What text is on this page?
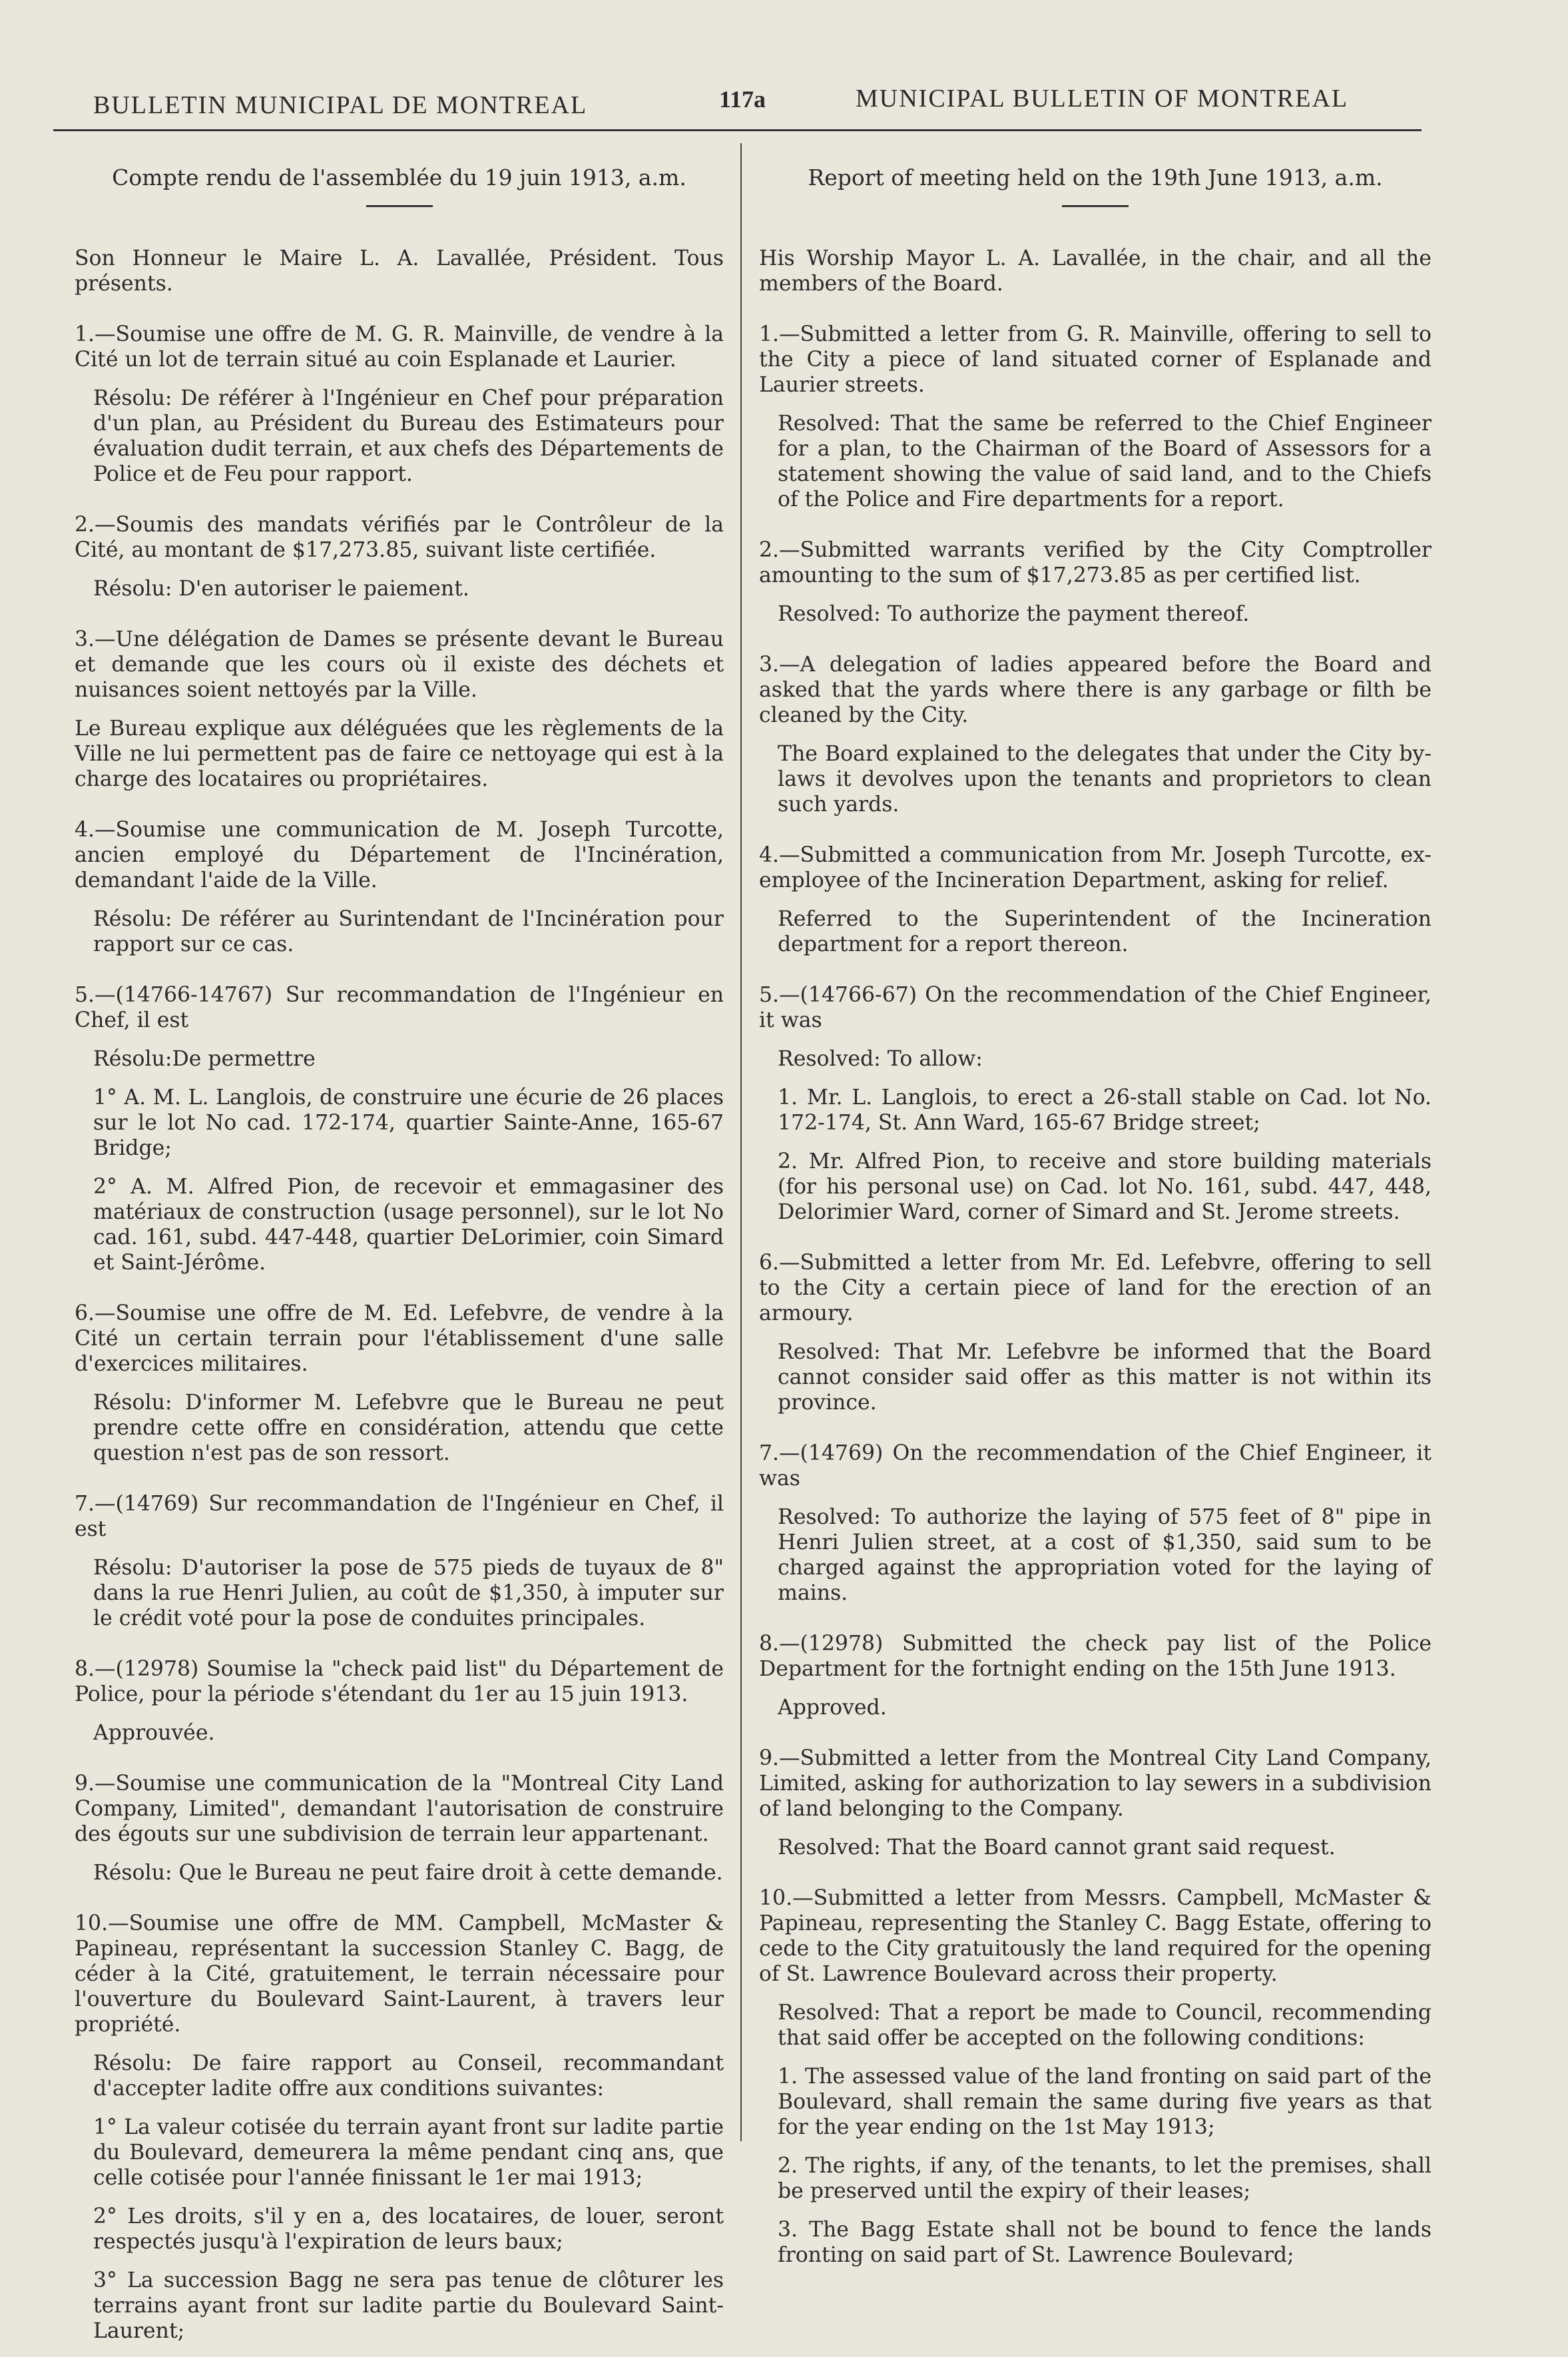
BULLETIN MUNICIPAL DE MONTREAL	117a	MUNICIPAL BULLETIN OF MONTREAL
Compte rendu de l'assemblée du 19 juin 1913, a.m.

Son Honneur le Maire L. A. Lavallée, Président. Tous présents.

1.—Soumise une offre de M. G. R. Mainville, de vendre à la Cité un lot de terrain situé au coin Esplanade et Laurier.

Résolu: De référer à l'Ingénieur en Chef pour préparation d'un plan, au Président du Bureau des Estimateurs pour évaluation dudit terrain, et aux chefs des Départements de Police et de Feu pour rapport.

2.—Soumis des mandats vérifiés par le Contrôleur de la Cité, au montant de $17,273.85, suivant liste certifiée.

Résolu: D'en autoriser le paiement.

3.—Une délégation de Dames se présente devant le Bureau et demande que les cours où il existe des déchets et nuisances soient nettoyés par la Ville.

Le Bureau explique aux déléguées que les règlements de la Ville ne lui permettent pas de faire ce nettoyage qui est à la charge des locataires ou propriétaires.

4.—Soumise une communication de M. Joseph Turcotte, ancien employé du Département de l'Incinération, demandant l'aide de la Ville.

Résolu: De référer au Surintendant de l'Incinération pour rapport sur ce cas.

5.—(14766-14767) Sur recommandation de l'Ingénieur en Chef, il est

Résolu:De permettre

1° A. M. L. Langlois, de construire une écurie de 26 places sur le lot No cad. 172-174, quartier Sainte-Anne, 165-67 Bridge;

2° A. M. Alfred Pion, de recevoir et emmagasiner des matériaux de construction (usage personnel), sur le lot No cad. 161, subd. 447-448, quartier DeLorimier, coin Simard et Saint-Jérôme.

6.—Soumise une offre de M. Ed. Lefebvre, de vendre à la Cité un certain terrain pour l'établissement d'une salle d'exercices militaires.

Résolu: D'informer M. Lefebvre que le Bureau ne peut prendre cette offre en considération, attendu que cette question n'est pas de son ressort.

7.—(14769) Sur recommandation de l'Ingénieur en Chef, il est

Résolu: D'autoriser la pose de 575 pieds de tuyaux de 8" dans la rue Henri Julien, au coût de $1,350, à imputer sur le crédit voté pour la pose de conduites principales.

8.—(12978) Soumise la "check paid list" du Département de Police, pour la période s'étendant du 1er au 15 juin 1913.

Approuvée.

9.—Soumise une communication de la "Montreal City Land Company, Limited", demandant l'autorisation de construire des égouts sur une subdivision de terrain leur appartenant.

Résolu: Que le Bureau ne peut faire droit à cette demande.

10.—Soumise une offre de MM. Campbell, McMaster & Papineau, représentant la succession Stanley C. Bagg, de céder à la Cité, gratuitement, le terrain nécessaire pour l'ouverture du Boulevard Saint-Laurent, à travers leur propriété.

Résolu: De faire rapport au Conseil, recommandant d'accepter ladite offre aux conditions suivantes:

1° La valeur cotisée du terrain ayant front sur ladite partie du Boulevard, demeurera la même pendant cinq ans, que celle cotisée pour l'année finissant le 1er mai 1913;

2° Les droits, s'il y en a, des locataires, de louer, seront respectés jusqu'à l'expiration de leurs baux;

3° La succession Bagg ne sera pas tenue de clôturer les terrains ayant front sur ladite partie du Boulevard Saint-Laurent;

Report of meeting held on the 19th June 1913, a.m.

His Worship Mayor L. A. Lavallée, in the chair, and all the members of the Board.

1.—Submitted a letter from G. R. Mainville, offering to sell to the City a piece of land situated corner of Esplanade and Laurier streets.

Resolved: That the same be referred to the Chief Engineer for a plan, to the Chairman of the Board of Assessors for a statement showing the value of said land, and to the Chiefs of the Police and Fire departments for a report.

2.—Submitted warrants verified by the City Comptroller amounting to the sum of $17,273.85 as per certified list.

Resolved: To authorize the payment thereof.

3.—A delegation of ladies appeared before the Board and asked that the yards where there is any garbage or filth be cleaned by the City.

The Board explained to the delegates that under the City by-laws it devolves upon the tenants and proprietors to clean such yards.

4.—Submitted a communication from Mr. Joseph Turcotte, ex-employee of the Incineration Department, asking for relief.

Referred to the Superintendent of the Incineration department for a report thereon.

5.—(14766-67) On the recommendation of the Chief Engineer, it was

Resolved: To allow:

1. Mr. L. Langlois, to erect a 26-stall stable on Cad. lot No. 172-174, St. Ann Ward, 165-67 Bridge street;

2. Mr. Alfred Pion, to receive and store building materials (for his personal use) on Cad. lot No. 161, subd. 447, 448, Delorimier Ward, corner of Simard and St. Jerome streets.

6.—Submitted a letter from Mr. Ed. Lefebvre, offering to sell to the City a certain piece of land for the erection of an armoury.

Resolved: That Mr. Lefebvre be informed that the Board cannot consider said offer as this matter is not within its province.

7.—(14769) On the recommendation of the Chief Engineer, it was

Resolved: To authorize the laying of 575 feet of 8" pipe in Henri Julien street, at a cost of $1,350, said sum to be charged against the appropriation voted for the laying of mains.

8.—(12978) Submitted the check pay list of the Police Department for the fortnight ending on the 15th June 1913.

Approved.

9.—Submitted a letter from the Montreal City Land Company, Limited, asking for authorization to lay sewers in a subdivision of land belonging to the Company.

Resolved: That the Board cannot grant said request.

10.—Submitted a letter from Messrs. Campbell, McMaster & Papineau, representing the Stanley C. Bagg Estate, offering to cede to the City gratuitously the land required for the opening of St. Lawrence Boulevard across their property.

Resolved: That a report be made to Council, recommending that said offer be accepted on the following conditions:

1. The assessed value of the land fronting on said part of the Boulevard, shall remain the same during five years as that for the year ending on the 1st May 1913;

2. The rights, if any, of the tenants, to let the premises, shall be preserved until the expiry of their leases;

3. The Bagg Estate shall not be bound to fence the lands fronting on said part of St. Lawrence Boulevard;
